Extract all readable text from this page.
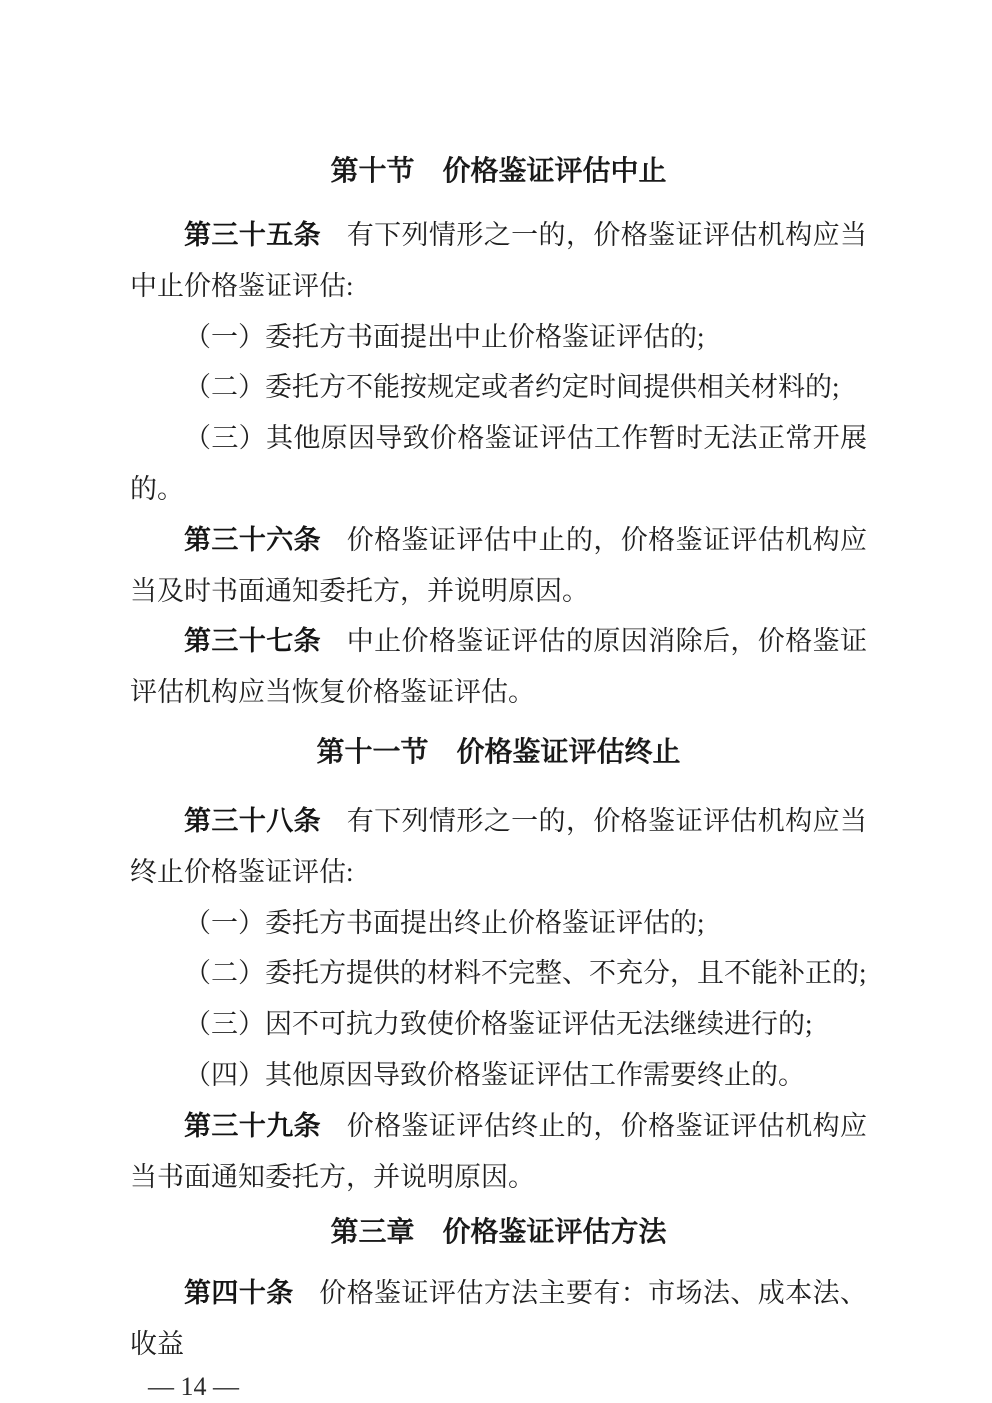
第十节　价格鉴证评估中止

第三十五条 有下列情形之一的，价格鉴证评估机构应当中止价格鉴证评估:

（一）委托方书面提出中止价格鉴证评估的;

（二）委托方不能按规定或者约定时间提供相关材料的;

（三）其他原因导致价格鉴证评估工作暂时无法正常开展的。

第三十六条 价格鉴证评估中止的，价格鉴证评估机构应当及时书面通知委托方，并说明原因。

第三十七条 中止价格鉴证评估的原因消除后，价格鉴证评估机构应当恢复价格鉴证评估。

第十一节　价格鉴证评估终止

第三十八条 有下列情形之一的，价格鉴证评估机构应当终止价格鉴证评估:

（一）委托方书面提出终止价格鉴证评估的;

（二）委托方提供的材料不完整、不充分，且不能补正的;

（三）因不可抗力致使价格鉴证评估无法继续进行的;

（四）其他原因导致价格鉴证评估工作需要终止的。

第三十九条 价格鉴证评估终止的，价格鉴证评估机构应当书面通知委托方，并说明原因。

第三章　价格鉴证评估方法

第四十条 价格鉴证评估方法主要有：市场法、成本法、收益

— 14 —
